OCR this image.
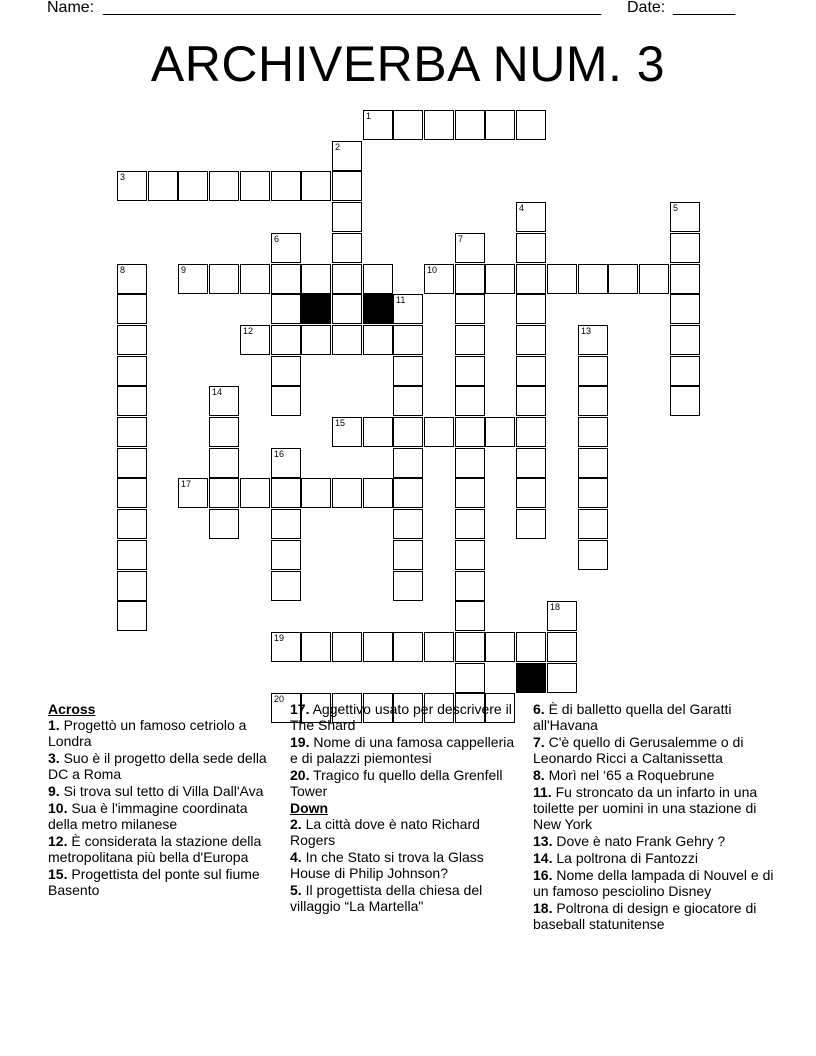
Name: ________________________________________________________ Date: _______
ARCHIVERBA NUM. 3
1
2
3
4	5
6	7
8	9	10
11
12	13
14
15
16
17
18
19
20
Across
1. Progettò un famoso cetriolo a Londra
3. Suo è il progetto della sede della DC a Roma
9. Si trova sul tetto di Villa Dall'Ava
10. Sua è l'immagine coordinata della metro milanese
12. È considerata la stazione della metropolitana più bella d'Europa
15. Progettista del ponte sul fiume Basento
17. Aggettivo usato per descrivere il The Shard
19. Nome di una famosa cappelleria e di palazzi piemontesi
20. Tragico fu quello della Grenfell Tower
Down
2. La città dove è nato Richard Rogers
4. In che Stato si trova la Glass House di Philip Johnson?
5. Il progettista della chiesa del villaggio “La Martella"
6. È di balletto quella del Garatti all'Havana
7. C'è quello di Gerusalemme o di Leonardo Ricci a Caltanissetta
8. Morì nel ‘65 a Roquebrune
11. Fu stroncato da un infarto in una toilette per uomini in una stazione di New York
13. Dove è nato Frank Gehry ?
14. La poltrona di Fantozzi
16. Nome della lampada di Nouvel e di un famoso pesciolino Disney
18. Poltrona di design e giocatore di baseball statunitense
